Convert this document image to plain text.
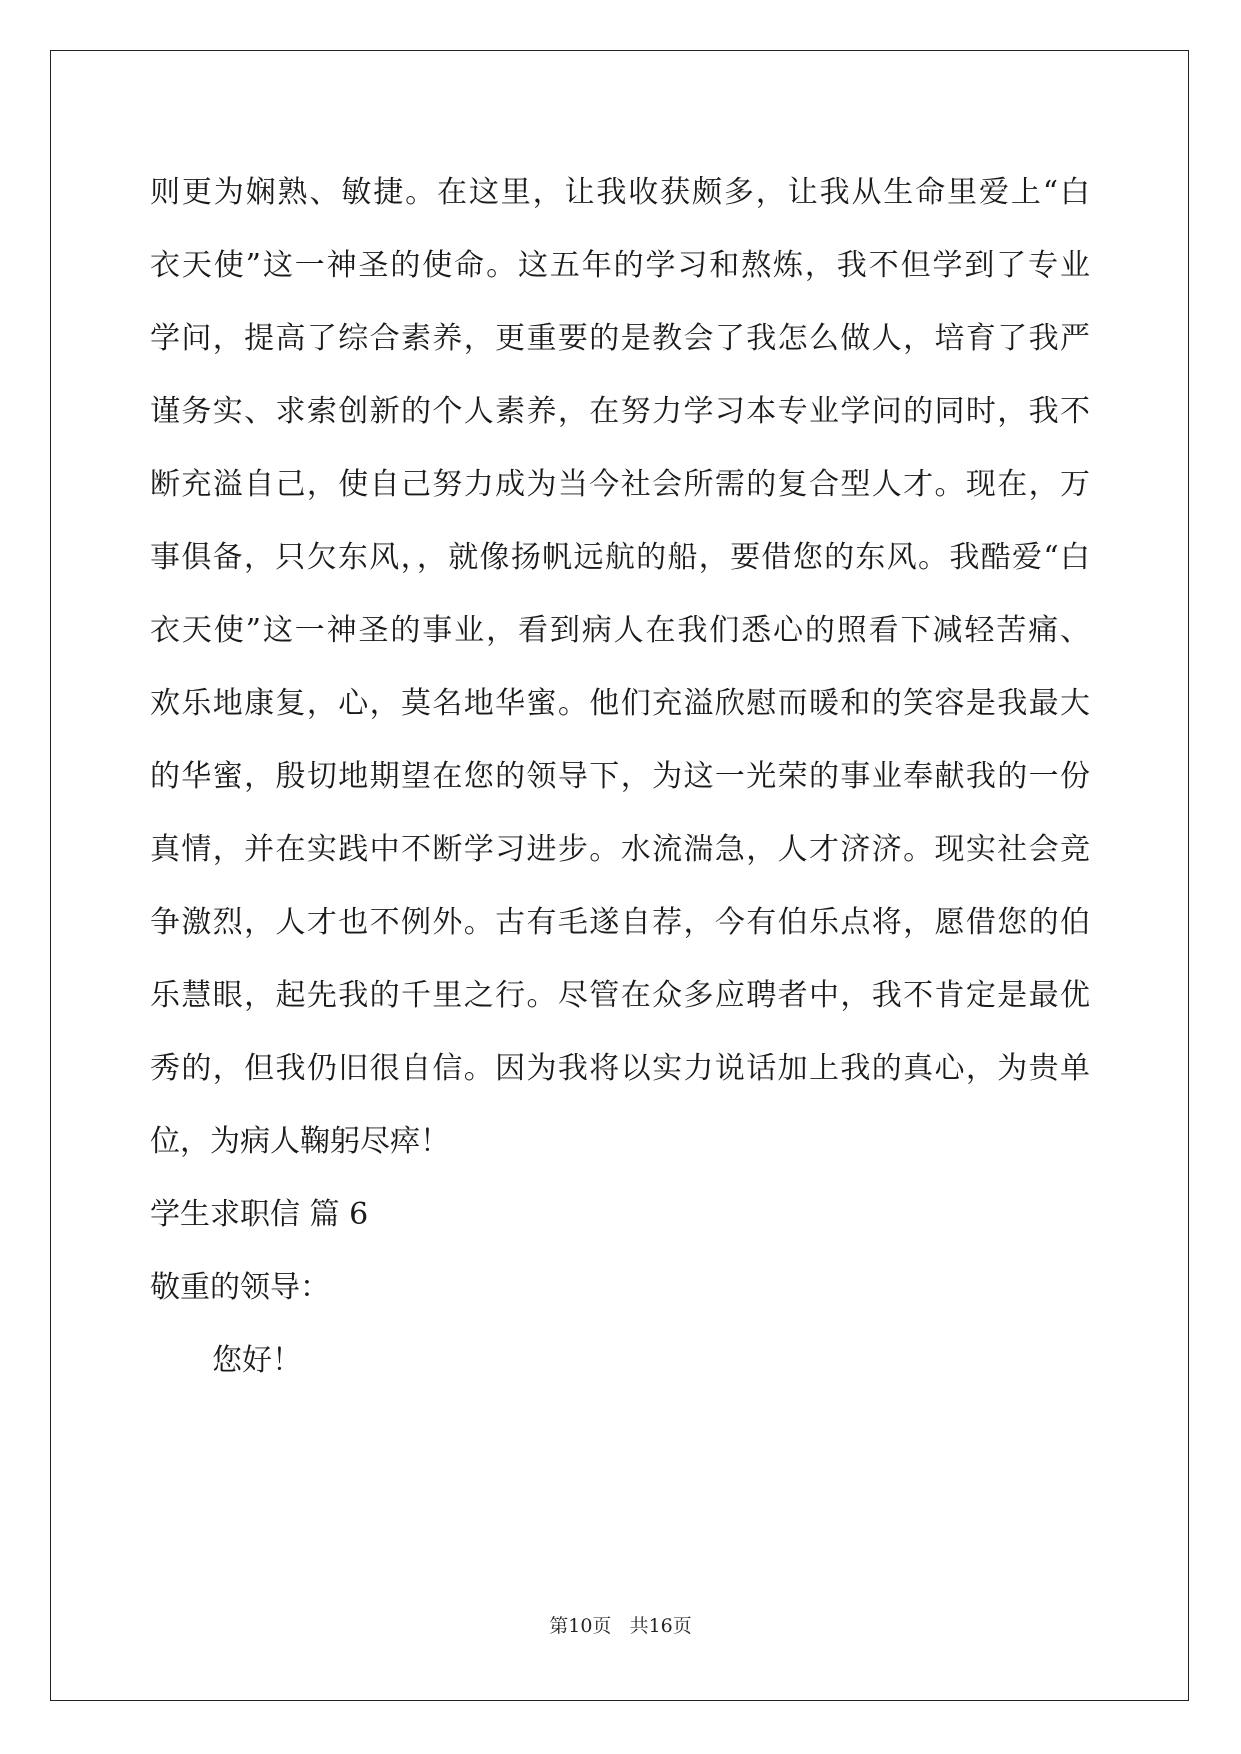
则更为娴熟、敏捷。在这里，让我收获颇多，让我从生命里爱上“白
衣天使”这一神圣的使命。这五年的学习和熬炼，我不但学到了专业
学问，提高了综合素养，更重要的是教会了我怎么做人，培育了我严
谨务实、求索创新的个人素养，在努力学习本专业学问的同时，我不
断充溢自己，使自己努力成为当今社会所需的复合型人才。现在，万
事俱备，只欠东风，，就像扬帆远航的船，要借您的东风。我酷爱“白
衣天使”这一神圣的事业，看到病人在我们悉心的照看下减轻苦痛、
欢乐地康复，心，莫名地华蜜。他们充溢欣慰而暖和的笑容是我最大
的华蜜，殷切地期望在您的领导下，为这一光荣的事业奉献我的一份
真情，并在实践中不断学习进步。水流湍急，人才济济。现实社会竞
争激烈，人才也不例外。古有毛遂自荐，今有伯乐点将，愿借您的伯
乐慧眼，起先我的千里之行。尽管在众多应聘者中，我不肯定是最优
秀的，但我仍旧很自信。因为我将以实力说话加上我的真心，为贵单
位，为病人鞠躬尽瘁！
学生求职信 篇 6
敬重的领导：
您好！
第10页 共16页
